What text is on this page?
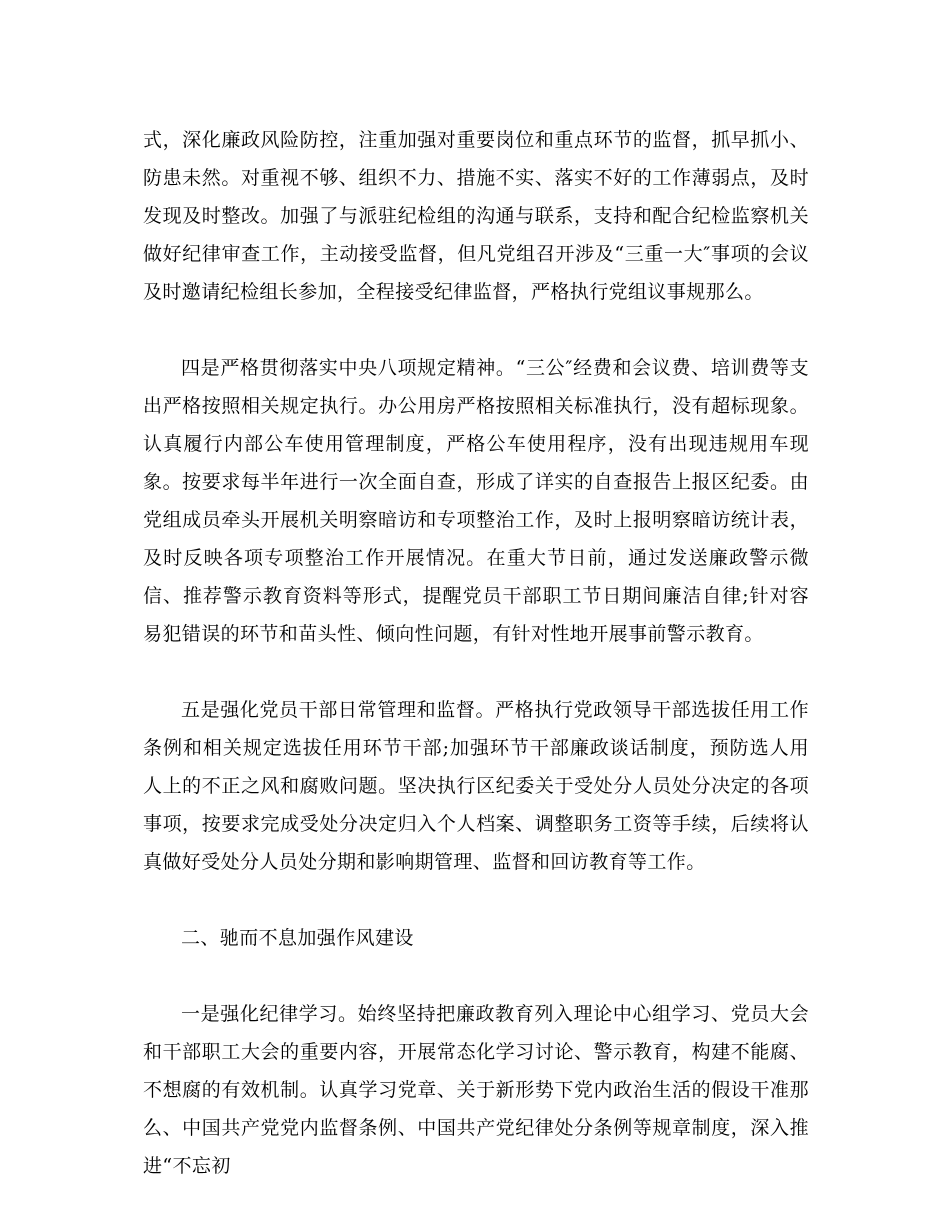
式，深化廉政风险防控，注重加强对重要岗位和重点环节的监督，抓早抓小、防患未然。对重视不够、组织不力、措施不实、落实不好的工作薄弱点，及时发现及时整改。加强了与派驻纪检组的沟通与联系，支持和配合纪检监察机关做好纪律审查工作，主动接受监督，但凡党组召开涉及“三重一大″事项的会议及时邀请纪检组长参加，全程接受纪律监督，严格执行党组议事规那么。

四是严格贯彻落实中央八项规定精神。“三公″经费和会议费、培训费等支出严格按照相关规定执行。办公用房严格按照相关标准执行，没有超标现象。认真履行内部公车使用管理制度，严格公车使用程序，没有出现违规用车现象。按要求每半年进行一次全面自查，形成了详实的自查报告上报区纪委。由党组成员牵头开展机关明察暗访和专项整治工作，及时上报明察暗访统计表，及时反映各项专项整治工作开展情况。在重大节日前，通过发送廉政警示微信、推荐警示教育资料等形式，提醒党员干部职工节日期间廉洁自律;针对容易犯错误的环节和苗头性、倾向性问题，有针对性地开展事前警示教育。

五是强化党员干部日常管理和监督。严格执行党政领导干部选拔任用工作条例和相关规定选拔任用环节干部;加强环节干部廉政谈话制度，预防选人用人上的不正之风和腐败问题。坚决执行区纪委关于受处分人员处分决定的各项事项，按要求完成受处分决定归入个人档案、调整职务工资等手续，后续将认真做好受处分人员处分期和影响期管理、监督和回访教育等工作。

二、驰而不息加强作风建设

一是强化纪律学习。始终坚持把廉政教育列入理论中心组学习、党员大会和干部职工大会的重要内容，开展常态化学习讨论、警示教育，构建不能腐、不想腐的有效机制。认真学习党章、关于新形势下党内政治生活的假设干准那么、中国共产党党内监督条例、中国共产党纪律处分条例等规章制度，深入推进“不忘初
